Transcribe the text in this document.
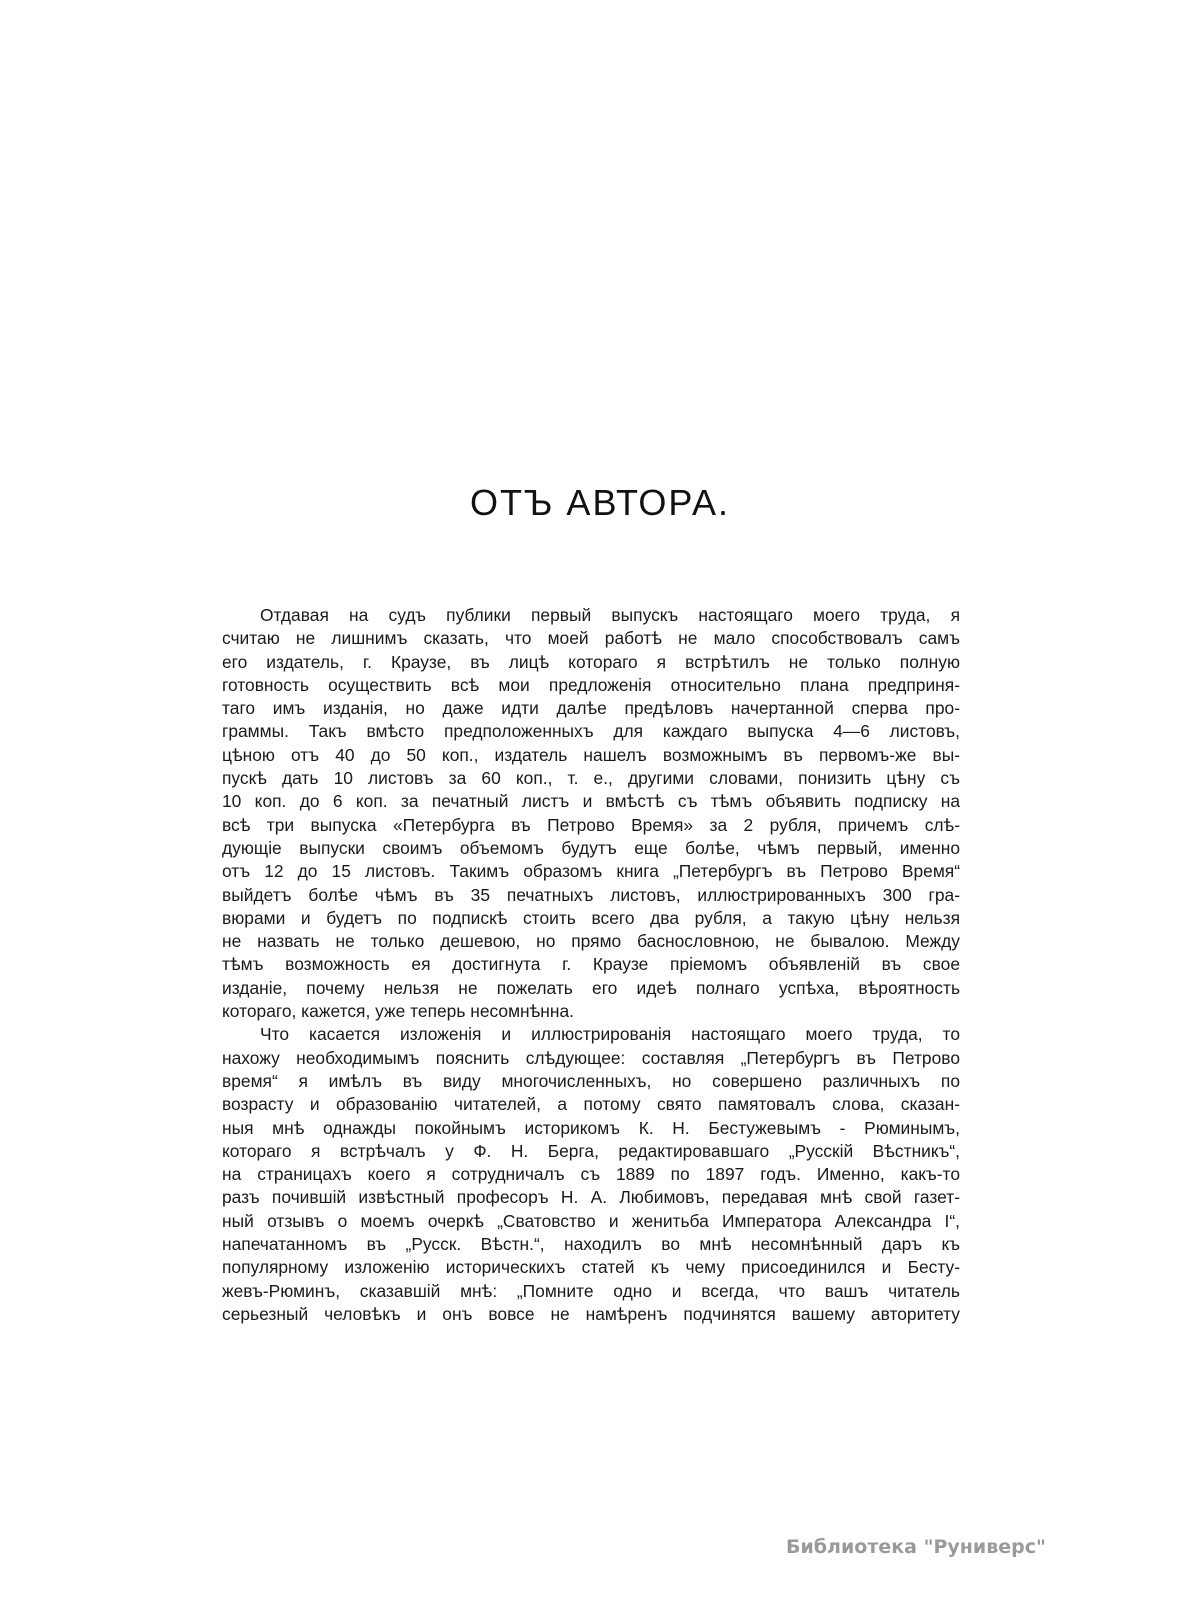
ОТЪ АВТОРА.
Отдавая на судъ публики первый выпускъ настоящаго моего труда, я
считаю не лишнимъ сказать, что моей работѣ не мало способствовалъ самъ
его издатель, г. Краузе, въ лицѣ котораго я встрѣтилъ не только полную
готовность осуществить всѣ мои предложенія относительно плана предприня-
таго имъ изданія, но даже идти далѣе предѣловъ начертанной сперва про-
граммы. Такъ вмѣсто предположенныхъ для каждаго выпуска 4—6 листовъ,
цѣною отъ 40 до 50 коп., издатель нашелъ возможнымъ въ первомъ-же вы-
пускѣ дать 10 листовъ за 60 коп., т. е., другими словами, понизить цѣну съ
10 коп. до 6 коп. за печатный листъ и вмѣстѣ съ тѣмъ объявить подписку на
всѣ три выпуска «Петербурга въ Петрово Время» за 2 рубля, причемъ слѣ-
дующіе выпуски своимъ объемомъ будутъ еще болѣе, чѣмъ первый, именно
отъ 12 до 15 листовъ. Такимъ образомъ книга „Петербургъ въ Петрово Время“
выйдетъ болѣе чѣмъ въ 35 печатныхъ листовъ, иллюстрированныхъ 300 гра-
вюрами и будетъ по подпискѣ стоить всего два рубля, а такую цѣну нельзя
не назвать не только дешевою, но прямо баснословною, не бывалою. Между
тѣмъ возможность ея достигнута г. Краузе пріемомъ объявленій въ свое
изданіе, почему нельзя не пожелать его идеѣ полнаго успѣха, вѣроятность
котораго, кажется, уже теперь несомнѣнна.
Что касается изложенія и иллюстрированія настоящаго моего труда, то
нахожу необходимымъ пояснить слѣдующее: составляя „Петербургъ въ Петрово
время“ я имѣлъ въ виду многочисленныхъ, но совершено различныхъ по
возрасту и образованію читателей, а потому свято памятовалъ слова, сказан-
ныя мнѣ однажды покойнымъ историкомъ К. Н. Бестужевымъ - Рюминымъ,
котораго я встрѣчалъ у Ф. Н. Берга, редактировавшаго „Русскій Вѣстникъ“,
на страницахъ коего я сотрудничалъ съ 1889 по 1897 годъ. Именно, какъ-то
разъ почившій извѣстный професоръ Н. А. Любимовъ, передавая мнѣ свой газет-
ный отзывъ о моемъ очеркѣ „Сватовство и женитьба Императора Александра I“,
напечатанномъ въ „Русск. Вѣстн.“, находилъ во мнѣ несомнѣнный даръ къ
популярному изложенію историческихъ статей къ чему присоединился и Бесту-
жевъ-Рюминъ, сказавшій мнѣ: „Помните одно и всегда, что вашъ читатель
серьезный человѣкъ и онъ вовсе не намѣренъ подчинятся вашему авторитету
Библиотека "Руниверс"
